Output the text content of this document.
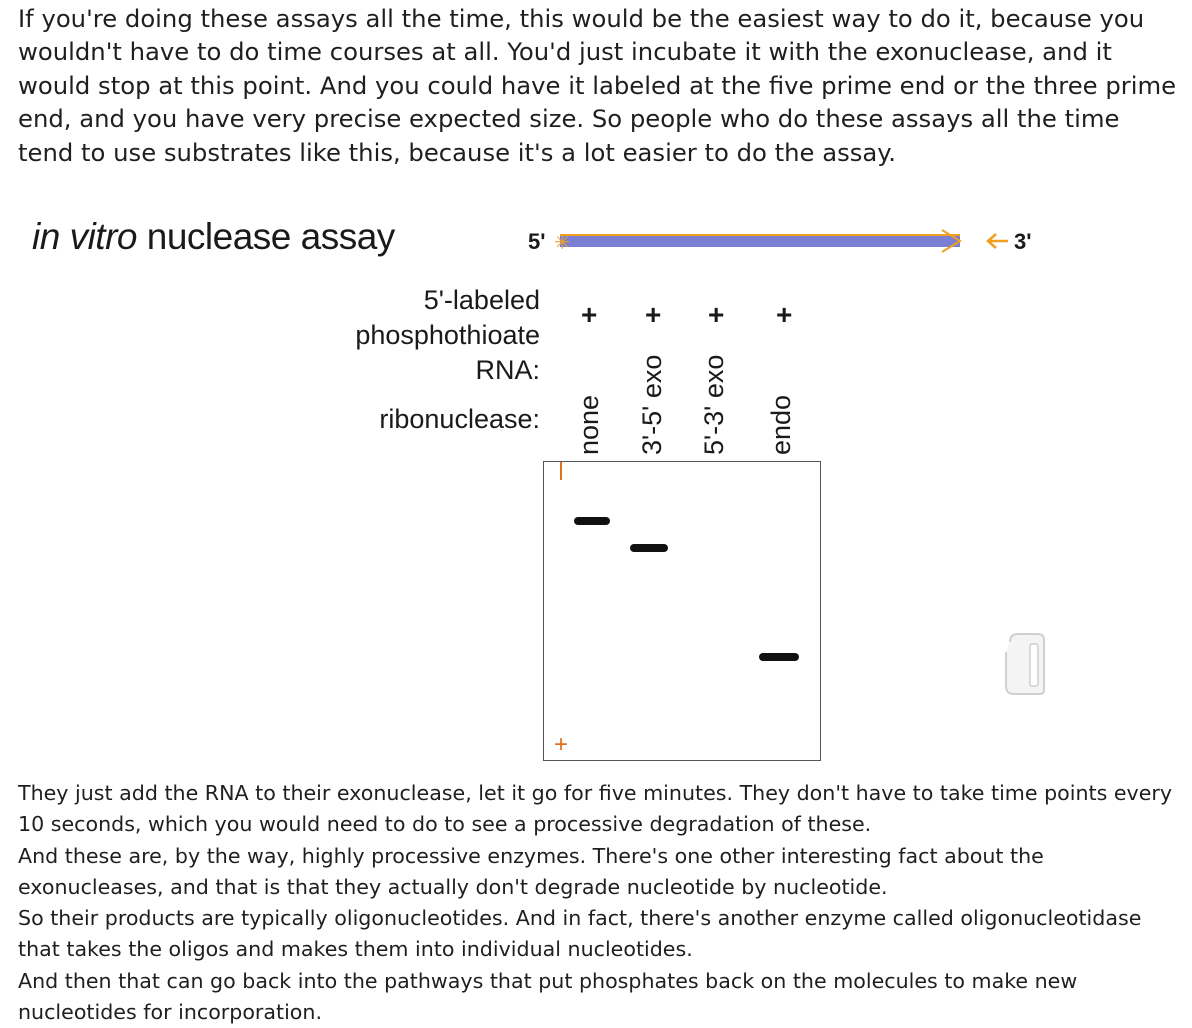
If you're doing these assays all the time, this would be the easiest way to do it, because you wouldn't have to do time courses at all. You'd just incubate it with the exonuclease, and it would stop at this point. And you could have it labeled at the five prime end or the three prime end, and you have very precise expected size. So people who do these assays all the time tend to use substrates like this, because it's a lot easier to do the assay.
in vitro nuclease assay	5' ✳	S 3'
5'-labeled
phosphothioate
RNA:
ribonuclease:
+ + + +
none 3'-5' exo 5'-3' exo endo
+

They just add the RNA to their exonuclease, let it go for five minutes. They don't have to take time points every 10 seconds, which you would need to do to see a processive degradation of these.

And these are, by the way, highly processive enzymes. There's one other interesting fact about the exonucleases, and that is that they actually don't degrade nucleotide by nucleotide.

So their products are typically oligonucleotides. And in fact, there's another enzyme called oligonucleotidase that takes the oligos and makes them into individual nucleotides.

And then that can go back into the pathways that put phosphates back on the molecules to make new nucleotides for incorporation.
